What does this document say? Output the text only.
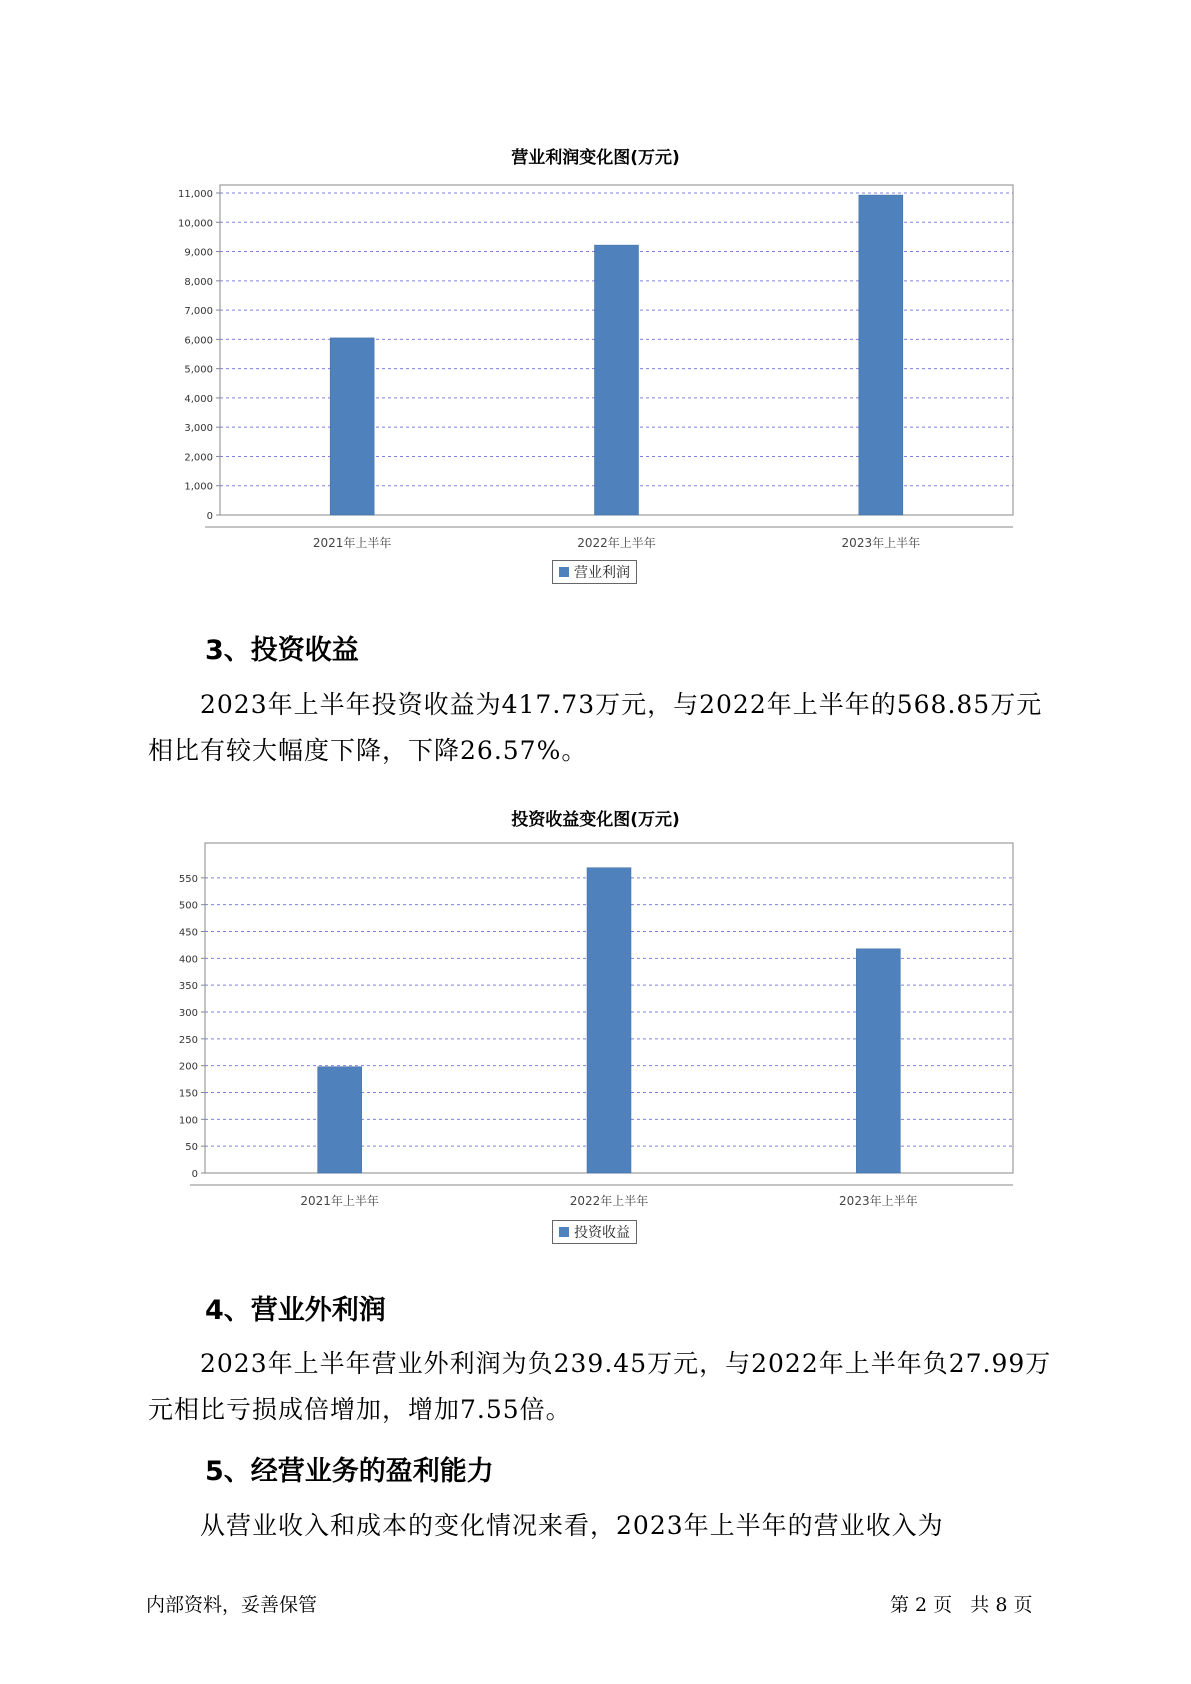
营业利润变化图(万元)
0
1,000
2,000
3,000
4,000
5,000
6,000
7,000
8,000
9,000
10,000
11,000
2021年上半年	2022年上半年	2023年上半年
营业利润
3、投资收益
2023年上半年投资收益为417.73万元，与2022年上半年的568.85万元
相比有较大幅度下降，下降26.57%。
投资收益变化图(万元)
0
50
100
150
200
250
300
350
400
450
500
550
2021年上半年	2022年上半年	2023年上半年
投资收益
4、营业外利润
2023年上半年营业外利润为负239.45万元，与2022年上半年负27.99万
元相比亏损成倍增加，增加7.55倍。
5、经营业务的盈利能力
从营业收入和成本的变化情况来看，2023年上半年的营业收入为
内部资料，妥善保管	第 2 页   共 8 页
